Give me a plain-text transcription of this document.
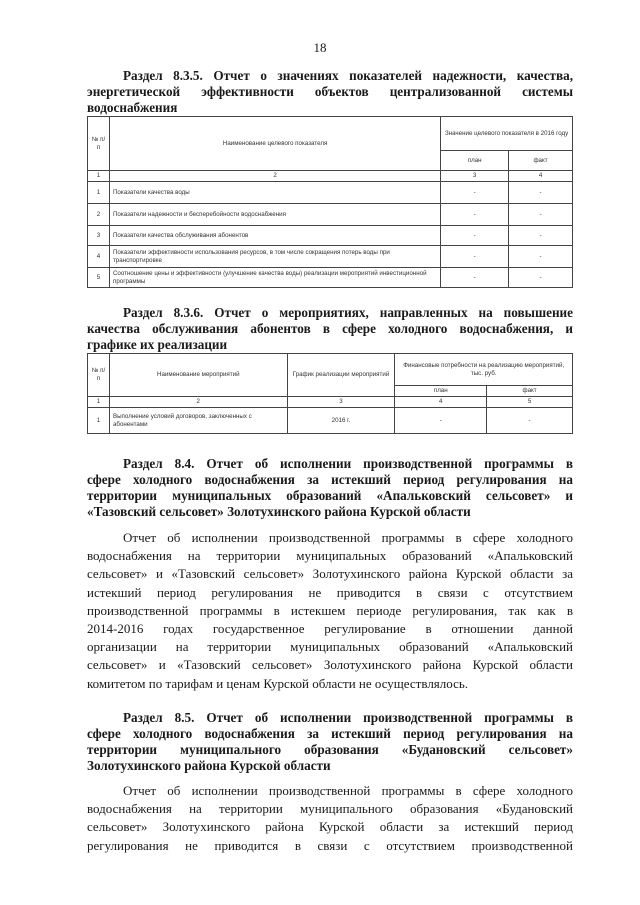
18
Раздел 8.3.5. Отчет о значениях показателей надежности, качества,
энергетической эффективности объектов централизованной системы
водоснабжения
№ п/п	Наименование целевого показателя	Значение целевого показателя в 2016 году	
		план	факт
1	2	3	4
1	Показатели качества воды	-	-
2	Показатели надежности и бесперебойности водоснабжения	-	-
3	Показатели качества обслуживания абонентов	-	-
4	Показатели эффективности использования ресурсов, в том числе сокращения потерь воды при транспортировке	-	-
5	Соотношение цены и эффективности (улучшение качества воды) реализации мероприятий инвестиционной программы	-	-
Раздел 8.3.6. Отчет о мероприятиях, направленных на повышение
качества обслуживания абонентов в сфере холодного водоснабжения, и
графике их реализации
№ п/п	Наименование мероприятий	График реализации мероприятий	Финансовые потребности на реализацию мероприятий, тыс. руб.	
			план	факт
1	2	3	4	5
1	Выполнение условий договоров, заключенных с абонентами	2016 г.	-	-
Раздел 8.4. Отчет об исполнении производственной программы в
сфере холодного водоснабжения за истекший период регулирования на
территории муниципальных образований «Апальковский сельсовет» и
«Тазовский сельсовет» Золотухинского района Курской области
Отчет об исполнении производственной программы в сфере холодного
водоснабжения на территории муниципальных образований «Апальковский
сельсовет» и «Тазовский сельсовет» Золотухинского района Курской области за
истекший период регулирования не приводится в связи с отсутствием
производственной программы в истекшем периоде регулирования, так как в
2014-2016 годах государственное регулирование в отношении данной
организации на территории муниципальных образований «Апальковский
сельсовет» и «Тазовский сельсовет» Золотухинского района Курской области
комитетом по тарифам и ценам Курской области не осуществлялось.
Раздел 8.5. Отчет об исполнении производственной программы в
сфере холодного водоснабжения за истекший период регулирования на
территории муниципального образования «Будановский сельсовет»
Золотухинского района Курской области
Отчет об исполнении производственной программы в сфере холодного
водоснабжения на территории муниципального образования «Будановский
сельсовет» Золотухинского района Курской области за истекший период
регулирования не приводится в связи с отсутствием производственной
